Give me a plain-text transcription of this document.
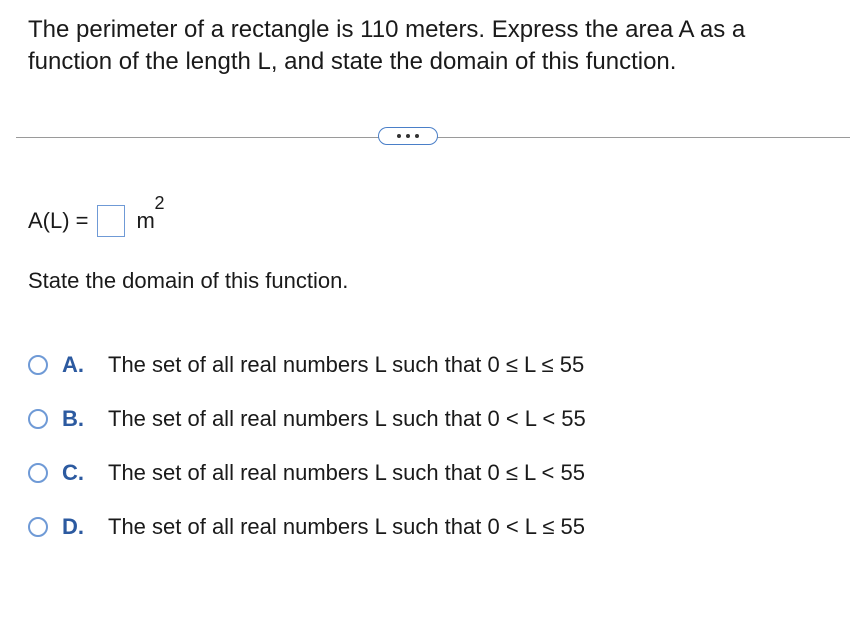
The perimeter of a rectangle is 110 meters. Express the area A as a function of the length L, and state the domain of this function.

A(L) = m
2

State the domain of this function.

A.	The set of all real numbers L such that 0 ≤ L ≤ 55
B.	The set of all real numbers L such that 0 < L < 55
C.	The set of all real numbers L such that 0 ≤ L < 55
D.	The set of all real numbers L such that 0 < L ≤ 55
